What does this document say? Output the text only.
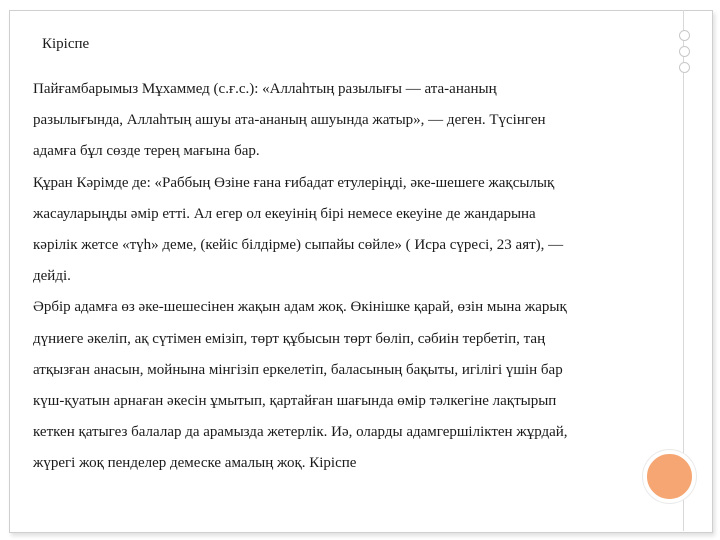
Кіріспе
Пайғамбарымыз Мұхаммед (с.ғ.с.): «Аллаһтың разылығы — ата-ананың
разылығында, Аллаһтың ашуы ата-ананың ашуында жатыр», — деген. Түсінген
адамға бұл сөзде терең мағына бар.
Құран Кәрімде де: «Раббың Өзіне ғана ғибадат етулеріңді, әке-шешеге жақсылық
жасауларыңды әмір етті. Ал егер ол екеуінің бірі немесе екеуіне де жандарына
кәрілік жетсе «түһ» деме, (кейіс білдірме) сыпайы сөйле» ( Исра сүресі, 23 аят), —
дейді.
Әрбір адамға өз әке-шешесінен жақын адам жоқ. Өкінішке қарай, өзін мына жарық
дүниеге әкеліп, ақ сүтімен емізіп, төрт құбысын төрт бөліп, сәбиін тербетіп, таң
атқызған анасын, мойнына мінгізіп еркелетіп, баласының бақыты, игілігі үшін бар
күш-қуатын арнаған әкесін ұмытып, қартайған шағында өмір тәлкегіне лақтырып
кеткен қатыгез балалар да арамызда жетерлік. Иә, оларды адамгершіліктен жұрдай,
жүрегі жоқ пенделер демеске амалың жоқ. Кіріспе
